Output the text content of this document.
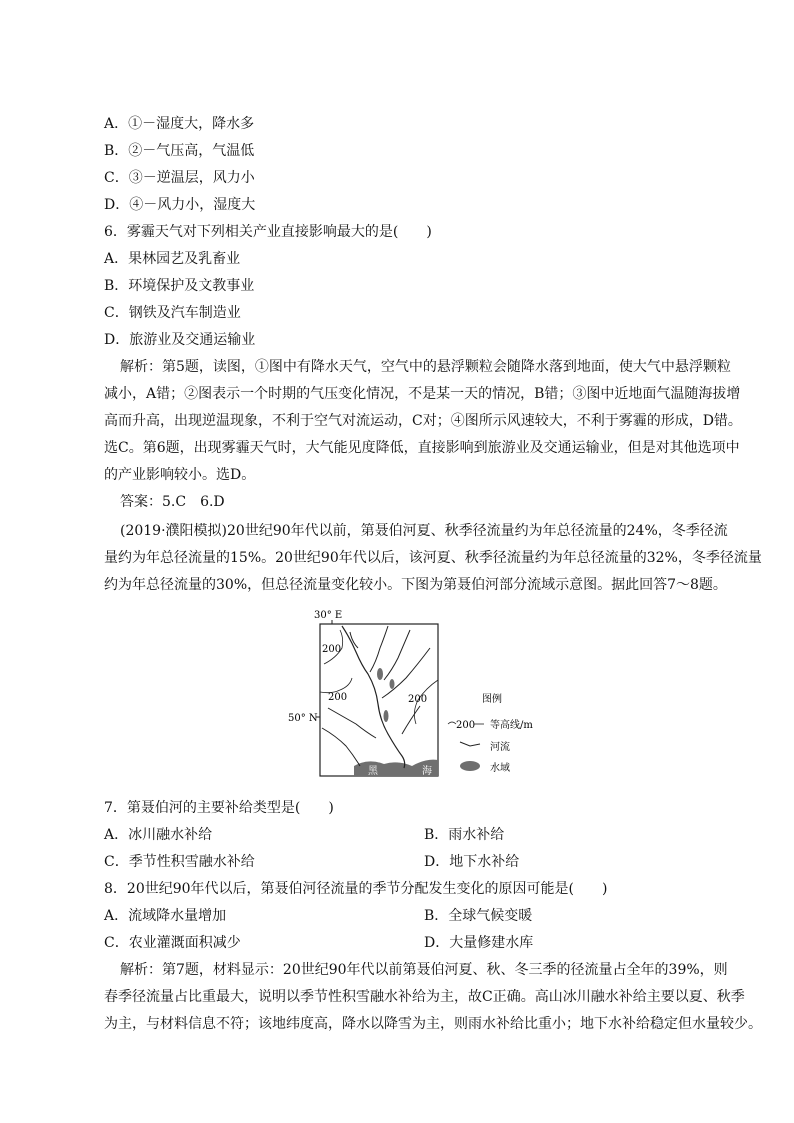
A．①－湿度大，降水多
B．②－气压高，气温低
C．③－逆温层，风力小
D．④－风力小，湿度大
6．雾霾天气对下列相关产业直接影响最大的是(　　)
A．果林园艺及乳畜业
B．环境保护及文教事业
C．钢铁及汽车制造业
D．旅游业及交通运输业
解析：第5题，读图，①图中有降水天气，空气中的悬浮颗粒会随降水落到地面，使大气中悬浮颗粒
减小，A错；②图表示一个时期的气压变化情况，不是某一天的情况，B错；③图中近地面气温随海拔增
高而升高，出现逆温现象，不利于空气对流运动，C对；④图所示风速较大，不利于雾霾的形成，D错。
选C。第6题，出现雾霾天气时，大气能见度降低，直接影响到旅游业及交通运输业，但是对其他选项中
的产业影响较小。选D。
答案：5.C　6.D
(2019·濮阳模拟)20世纪90年代以前，第聂伯河夏、秋季径流量约为年总径流量的24%，冬季径流
量约为年总径流量的15%。20世纪90年代以后，该河夏、秋季径流量约为年总径流量的32%，冬季径流量
约为年总径流量的30%，但总径流量变化较小。下图为第聂伯河部分流域示意图。据此回答7～8题。
30° E
50° N
200
200	200
黑	海
图例
200 等高线/m
河流
水域
7．第聂伯河的主要补给类型是(　　)
A．冰川融水补给	B．雨水补给
C．季节性积雪融水补给	D．地下水补给
8．20世纪90年代以后，第聂伯河径流量的季节分配发生变化的原因可能是(　　)
A．流域降水量增加	B．全球气候变暖
C．农业灌溉面积减少	D．大量修建水库
解析：第7题，材料显示：20世纪90年代以前第聂伯河夏、秋、冬三季的径流量占全年的39%，则
春季径流量占比重最大，说明以季节性积雪融水补给为主，故C正确。高山冰川融水补给主要以夏、秋季
为主，与材料信息不符；该地纬度高，降水以降雪为主，则雨水补给比重小；地下水补给稳定但水量较少。
